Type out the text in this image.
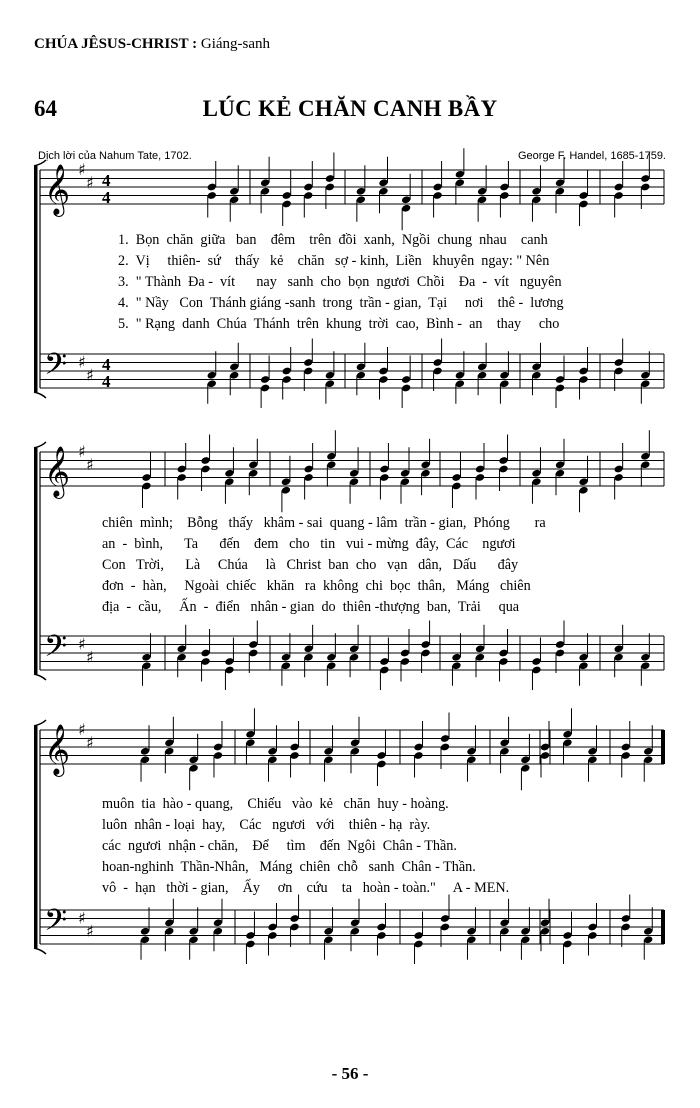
CHÚA JÊSUS-CHRIST : Giáng-sanh
64	LÚC KẺ CHĂN CANH BẦY
Dịch lời của Nahum Tate, 1702.	George F. Handel, 1685-1759.
𝄞
𝄢
♯
♯
♯
♯
4
4
4
4
𝄞
𝄢
♯
♯
♯
♯
𝄞
𝄢
♯
♯
♯
♯
1.  Bọn  chăn  giữa   ban    đêm    trên  đồi  xanh,  Ngồi  chung  nhau    canh
2.  Vị     thiên-  sứ    thấy   kẻ    chăn   sợ - kinh,  Liền   khuyên  ngay: " Nên
3.  " Thành  Đa -  vít      nay   sanh  cho  bọn  ngươi  Chồi    Đa  -  vít   nguyên
4.  " Nầy   Con  Thánh giáng -sanh  trong  trần - gian,  Tại     nơi    thê -  lương
5.  " Rạng  danh  Chúa  Thánh  trên  khung  trời  cao,  Bình -  an    thay     cho
chiên  mình;    Bỗng   thấy   khâm - sai  quang - lâm  trần - gian,  Phóng       ra
an  -  bình,      Ta      đến    đem   cho   tin   vui - mừng  đây,  Các    ngươi
Con   Trời,      Là     Chúa     là   Christ  ban  cho   vạn   dân,   Dấu      đây
đơn  -  hàn,     Ngoài  chiếc   khăn   ra  không  chi  bọc  thân,   Máng   chiên
địa  -  cầu,     Ấn  -  điển   nhân - gian  do  thiên -thượng  ban,  Trải     qua
muôn  tia  hào - quang,    Chiếu   vào  kẻ   chăn  huy - hoàng.
luôn  nhân - loại  hay,    Các   ngươi   với    thiên - hạ  rày.
các  ngươi  nhận - chăn,    Để     tìm    đến  Ngôi  Chân - Thần.
hoan-nghinh  Thần-Nhân,   Máng  chiên  chỗ   sanh  Chân - Thần.
vô  -  hạn   thời - gian,    Ấy     ơn    cứu    ta   hoàn - toàn."     A - MEN.
- 56 -
